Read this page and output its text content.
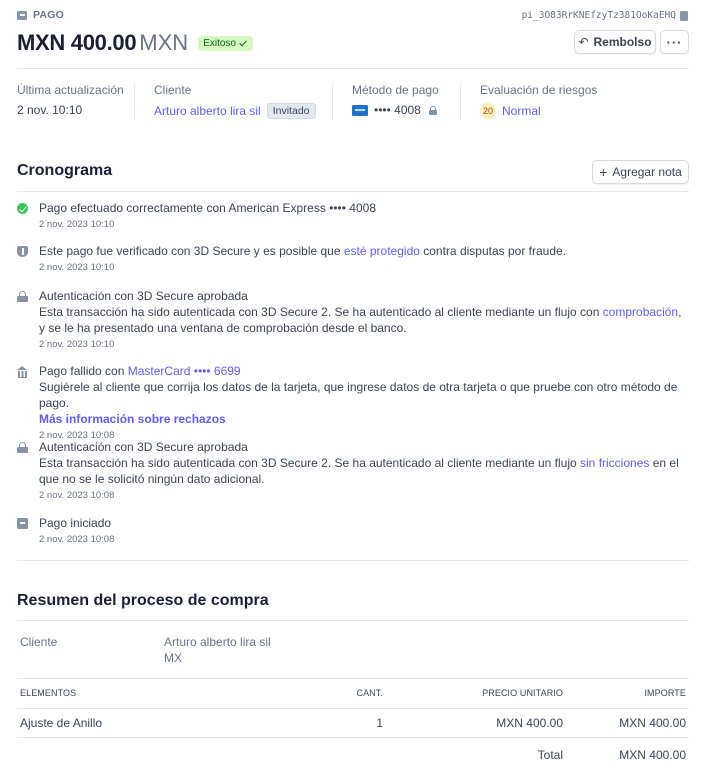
PAGO	pi_3O83RrKNEfzyTz381OoKaEHQ
MXN 400.00 MXN Exitoso	↶ Rembolso ···
Última actualización
2 nov. 10:10
Cliente
Arturo alberto lira sil	Invitado
Método de pago
•••• 4008
Evaluación de riesgos
20 Normal
Cronograma	+ Agregar nota
Pago efectuado correctamente con American Express •••• 4008
2 nov. 2023 10:10
Este pago fue verificado con 3D Secure y es posible que esté protegido contra disputas por fraude.
2 nov. 2023 10:10
Autenticación con 3D Secure aprobada
Esta transacción ha sido autenticada con 3D Secure 2. Se ha autenticado al cliente mediante un flujo con comprobación, y se le ha presentado una ventana de comprobación desde el banco.
2 nov. 2023 10:10
Pago fallido con MasterCard •••• 6699
Sugiérele al cliente que corrija los datos de la tarjeta, que ingrese datos de otra tarjeta o que pruebe con otro método de pago.
Más información sobre rechazos
2 nov. 2023 10:08
Autenticación con 3D Secure aprobada
Esta transacción ha sido autenticada con 3D Secure 2. Se ha autenticado al cliente mediante un flujo sin fricciones en el que no se le solicitó ningún dato adicional.
2 nov. 2023 10:08
Pago iniciado
2 nov. 2023 10:08
Resumen del proceso de compra
Cliente	Arturo alberto lira sil
MX
ELEMENTOS	CANT.	PRECIO UNITARIO	IMPORTE
Ajuste de Anillo	1	MXN 400.00	MXN 400.00
Total	MXN 400.00
